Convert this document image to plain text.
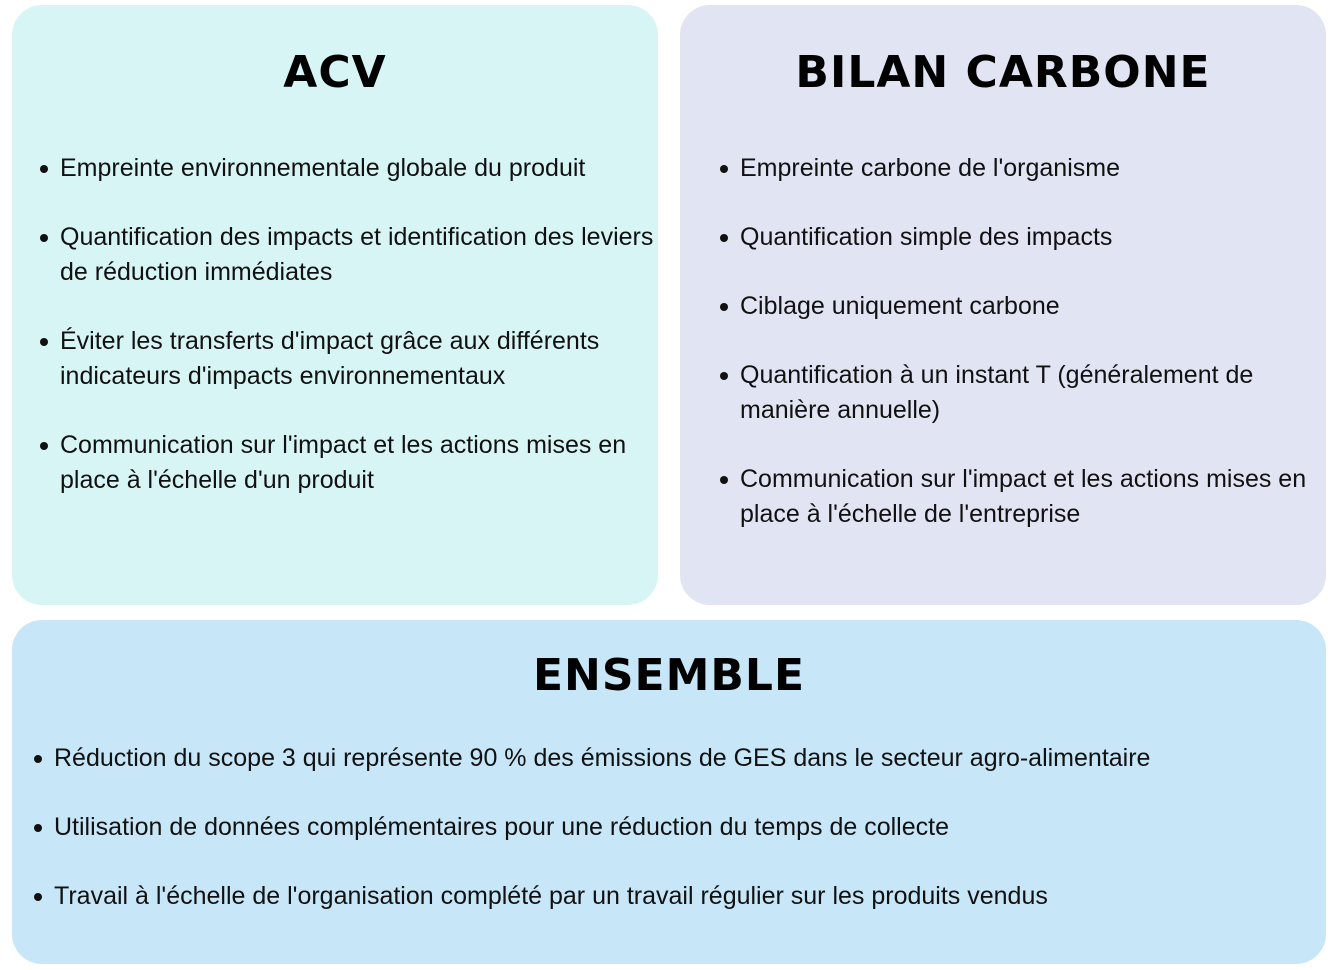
ACV
Empreinte environnementale globale du produit
Quantification des impacts et identification des leviers de réduction immédiates
Éviter les transferts d'impact grâce aux différents indicateurs d'impacts environnementaux
Communication sur l'impact et les actions mises en place à l'échelle d'un produit
BILAN CARBONE
Empreinte carbone de l'organisme
Quantification simple des impacts
Ciblage uniquement carbone
Quantification à un instant T (généralement de manière annuelle)
Communication sur l'impact et les actions mises en place à l'échelle de l'entreprise
ENSEMBLE
Réduction du scope 3 qui représente 90 % des émissions de GES dans le secteur agro-alimentaire
Utilisation de données complémentaires pour une réduction du temps de collecte
Travail à l'échelle de l'organisation complété par un travail régulier sur les produits vendus
